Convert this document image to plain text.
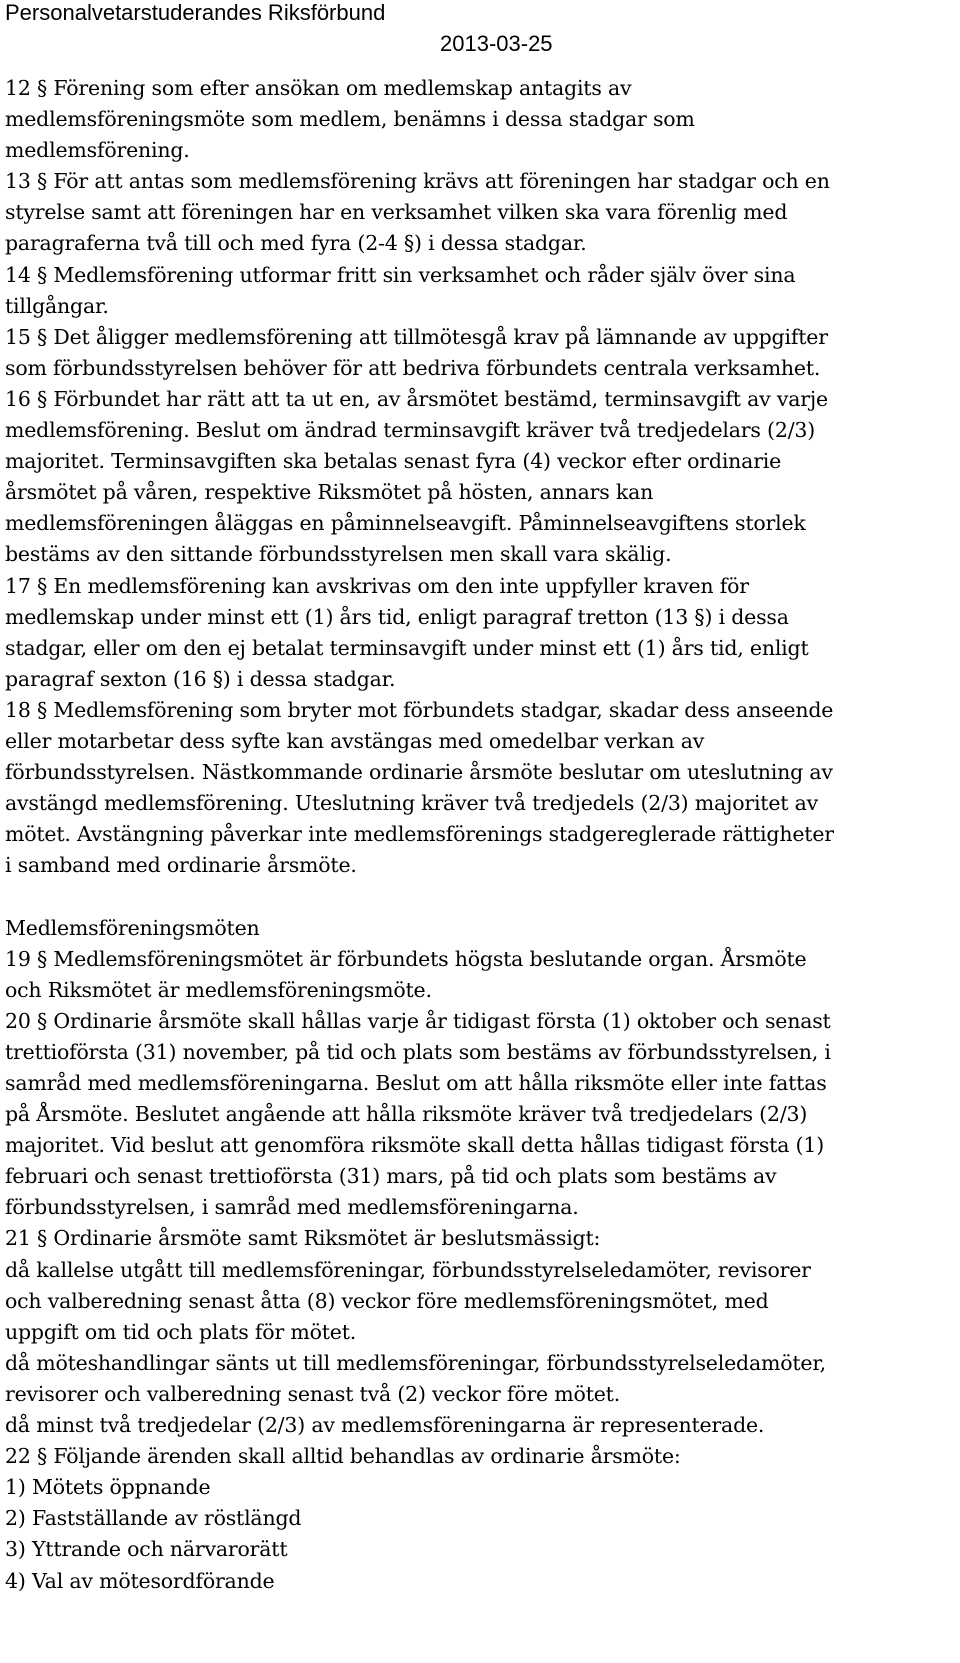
Personalvetarstuderandes Riksförbund
2013-03-25
12 § Förening som efter ansökan om medlemskap antagits av
medlemsföreningsmöte som medlem, benämns i dessa stadgar som
medlemsförening.
13 § För att antas som medlemsförening krävs att föreningen har stadgar och en
styrelse samt att föreningen har en verksamhet vilken ska vara förenlig med
paragraferna två till och med fyra (2-4 §) i dessa stadgar.
14 § Medlemsförening utformar fritt sin verksamhet och råder själv över sina
tillgångar.
15 § Det åligger medlemsförening att tillmötesgå krav på lämnande av uppgifter
som förbundsstyrelsen behöver för att bedriva förbundets centrala verksamhet.
16 § Förbundet har rätt att ta ut en, av årsmötet bestämd, terminsavgift av varje
medlemsförening. Beslut om ändrad terminsavgift kräver två tredjedelars (2/3)
majoritet. Terminsavgiften ska betalas senast fyra (4) veckor efter ordinarie
årsmötet på våren, respektive Riksmötet på hösten, annars kan
medlemsföreningen åläggas en påminnelseavgift. Påminnelseavgiftens storlek
bestäms av den sittande förbundsstyrelsen men skall vara skälig.
17 § En medlemsförening kan avskrivas om den inte uppfyller kraven för
medlemskap under minst ett (1) års tid, enligt paragraf tretton (13 §) i dessa
stadgar, eller om den ej betalat terminsavgift under minst ett (1) års tid, enligt
paragraf sexton (16 §) i dessa stadgar.
18 § Medlemsförening som bryter mot förbundets stadgar, skadar dess anseende
eller motarbetar dess syfte kan avstängas med omedelbar verkan av
förbundsstyrelsen. Nästkommande ordinarie årsmöte beslutar om uteslutning av
avstängd medlemsförening. Uteslutning kräver två tredjedels (2/3) majoritet av
mötet. Avstängning påverkar inte medlemsförenings stadgereglerade rättigheter
i samband med ordinarie årsmöte.
Medlemsföreningsmöten
19 § Medlemsföreningsmötet är förbundets högsta beslutande organ. Årsmöte
och Riksmötet är medlemsföreningsmöte.
20 § Ordinarie årsmöte skall hållas varje år tidigast första (1) oktober och senast
trettioförsta (31) november, på tid och plats som bestäms av förbundsstyrelsen, i
samråd med medlemsföreningarna. Beslut om att hålla riksmöte eller inte fattas
på Årsmöte. Beslutet angående att hålla riksmöte kräver två tredjedelars (2/3)
majoritet. Vid beslut att genomföra riksmöte skall detta hållas tidigast första (1)
februari och senast trettioförsta (31) mars, på tid och plats som bestäms av
förbundsstyrelsen, i samråd med medlemsföreningarna.
21 § Ordinarie årsmöte samt Riksmötet är beslutsmässigt:
då kallelse utgått till medlemsföreningar, förbundsstyrelseledamöter, revisorer
och valberedning senast åtta (8) veckor före medlemsföreningsmötet, med
uppgift om tid och plats för mötet.
då möteshandlingar sänts ut till medlemsföreningar, förbundsstyrelseledamöter,
revisorer och valberedning senast två (2) veckor före mötet.
då minst två tredjedelar (2/3) av medlemsföreningarna är representerade.
22 § Följande ärenden skall alltid behandlas av ordinarie årsmöte:
1) Mötets öppnande
2) Fastställande av röstlängd
3) Yttrande och närvarorätt
4) Val av mötesordförande
